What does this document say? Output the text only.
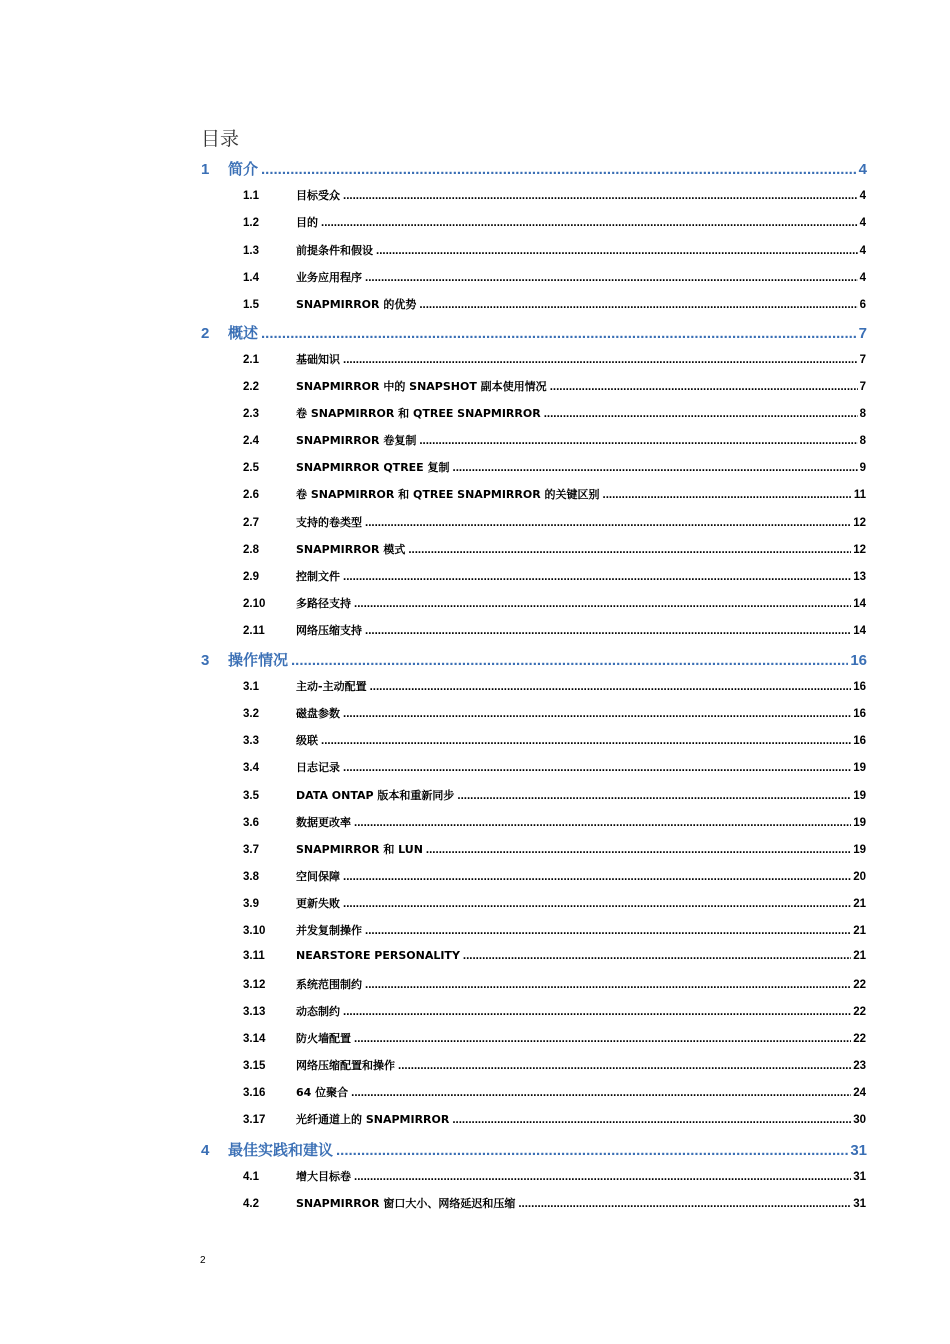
目录
1	简介 .....	4
1.1	目标受众 .....	4
1.2	目的 .....	4
1.3	前提条件和假设 .....	4
1.4	业务应用程序 .....	4
1.5	SNAPMIRROR 的优势 .....	6
2	概述 .....	7
2.1	基础知识 .....	7
2.2	SNAPMIRROR 中的 SNAPSHOT 副本使用情况 .....	7
2.3	卷 SNAPMIRROR 和 QTREE SNAPMIRROR .....	8
2.4	SNAPMIRROR 卷复制 .....	8
2.5	SNAPMIRROR QTREE 复制 .....	9
2.6	卷 SNAPMIRROR 和 QTREE SNAPMIRROR 的关键区别 .....	11
2.7	支持的卷类型 .....	12
2.8	SNAPMIRROR 模式 .....	12
2.9	控制文件 .....	13
2.10	多路径支持 .....	14
2.11	网络压缩支持 .....	14
3	操作情况 .....	16
3.1	主动-主动配置 .....	16
3.2	磁盘参数 .....	16
3.3	级联 .....	16
3.4	日志记录 .....	19
3.5	DATA ONTAP 版本和重新同步 .....	19
3.6	数据更改率 .....	19
3.7	SNAPMIRROR 和 LUN .....	19
3.8	空间保障 .....	20
3.9	更新失败 .....	21
3.10	并发复制操作 .....	21
3.11	NEARSTORE PERSONALITY .....	21
3.12	系统范围制约 .....	22
3.13	动态制约 .....	22
3.14	防火墙配置 .....	22
3.15	网络压缩配置和操作 .....	23
3.16	64 位聚合 .....	24
3.17	光纤通道上的 SNAPMIRROR .....	30
4	最佳实践和建议 .....	31
4.1	增大目标卷 .....	31
4.2	SNAPMIRROR 窗口大小、网络延迟和压缩 .....	31
2
